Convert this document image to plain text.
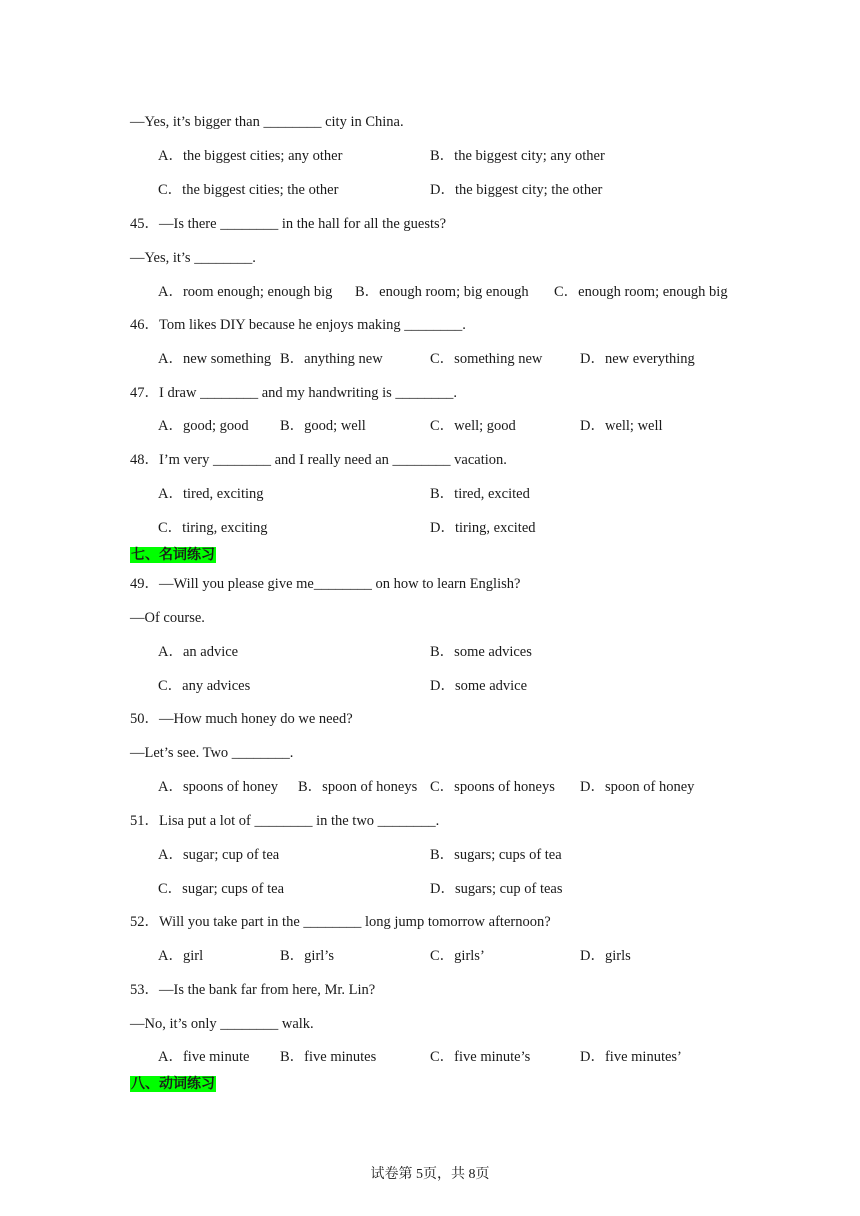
—Yes, it’s bigger than ________ city in China.
A．the biggest cities; any other	B．the biggest city; any other
C．the biggest cities; the other	D．the biggest city; the other
45．—Is there ________ in the hall for all the guests?
—Yes, it’s ________.
A．room enough; enough big B．enough room; big enough C．enough room; enough big
46．Tom likes DIY because he enjoys making ________.
A．new something B．anything new	C．something new	D．new everything
47．I draw ________ and my handwriting is ________.
A．good; good B．good; well	C．well; good	D．well; well
48．I’m very ________ and I really need an ________ vacation.
A．tired, exciting	B．tired, excited
C．tiring, exciting	D．tiring, excited
七、名词练习
49．—Will you please give me________ on how to learn English?
—Of course.
A．an advice	B．some advices
C．any advices	D．some advice
50．—How much honey do we need?
—Let’s see. Two ________.
A．spoons of honey B．spoon of honeys C．spoons of honeys D．spoon of honey
51．Lisa put a lot of ________ in the two ________.
A．sugar; cup of tea	B．sugars; cups of tea
C．sugar; cups of tea	D．sugars; cup of teas
52．Will you take part in the ________ long jump tomorrow afternoon?
A．girl	B．girl’s	C．girls’	D．girls
53．—Is the bank far from here, Mr. Lin?
—No, it’s only ________ walk.
A．five minute B．five minutes	C．five minute’s	D．five minutes’
八、动词练习
试卷第 5页，共 8页
